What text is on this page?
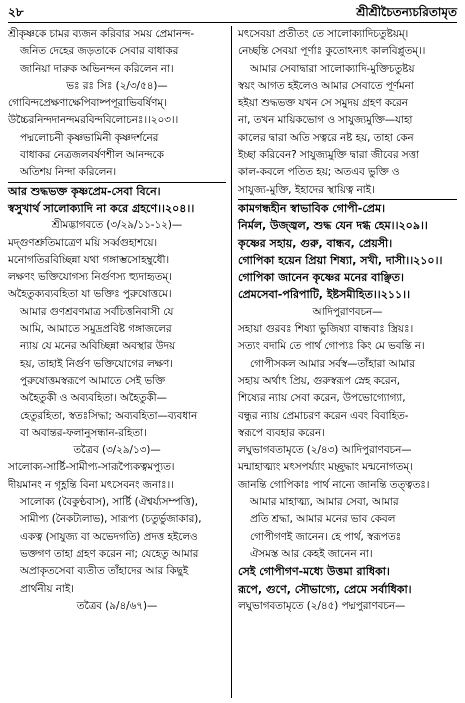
২৮	শ্রীশ্রীচৈতন্যচরিতামৃত

শ্রীকৃষ্ণকে চামর ব্যজন করিবার সময় প্রেমানন্দ-

জনিত দেহের জড়তাকে সেবার বাধাকর

জানিয়া দারুক অভিনন্দন করিলেন না।

ভঃ রঃ সিঃ (২/৩/৫৪)—

গোবিন্দপ্রেক্ষণাক্ষেপিবাষ্পপূরাভিবর্ষিণম্।

উচ্চৈরনিন্দদানন্দমরবিন্দবিলোচনঃ।।২০৩।।

পদ্মলোচনী কৃষ্ণভামিনী কৃষ্ণদর্শনের

বাধাকর নেত্রজলবর্ষণশীল আনন্দকে

অতিশয় নিন্দা করিলেন।

আর শুদ্ধভক্ত কৃষ্ণপ্রেম-সেবা বিনে।

স্বসুখার্থ সালোক্যাদি না করে গ্রহণে।।২০৪।।

শ্রীমদ্ভাগবতে (৩/২৯/১১-১২)—

মদ্গুণশ্রুতিমাত্রেণ ময়ি সর্ব্বগুহাশয়ে।

মনোগতিরবিচ্ছিন্না যথা গঙ্গাম্ভসোহম্বুধৌ।

লক্ষণং ভক্তিযোগস্য নির্গুণস্য হ্যুদাহৃতম্।

অহৈতুক্যব্যবহিতা যা ভক্তিঃ পুরুষোত্তমে।

আমার গুণশ্রবণমাত্র সর্বচিত্তনিবাসী যে

আমি, আমাতে সমুদ্রপ্রবিষ্ট গঙ্গাজলের

ন্যায় যে মনের অবিচ্ছিন্না অবস্থার উদয়

হয়, তাহাই নির্গুণ ভক্তিযোগের লক্ষণ।

পুরুষোত্তমস্বরূপে আমাতে সেই ভক্তি

অহৈতুকী ও অব্যবহিতা। অহৈতুকী—

হেতুরহিতা, স্বতঃসিদ্ধা; অব্যবহিতা—ব্যবধান

বা অবান্তর-ফলানুসন্ধান-রহিতা।

তত্রৈব (৩/২৯/১৩)—

সালোক্য-সার্ষ্টি-সামীপ্য-সারূপ্যৈকত্বমপ্যুত।

দীয়মানং ন গৃহ্ণন্তি বিনা মৎসেবনং জনাঃ।।

সালোক্য (বৈকুণ্ঠবাস), সার্ষ্টি (ঐশ্বর্য্যসম্পত্তি),

সামীপ্য (নৈকট্যলাভ), সারূপ্য (চতুর্ভুজাকার),

একত্ব (সাযুজ্য বা অভেদগতি) প্রদত্ত হইলেও

ভক্তগণ তাহা গ্রহণ করেন না; যেহেতু আমার

অপ্রাকৃতসেবা ব্যতীত তাঁহাদের আর কিছুই

প্রার্থনীয় নাই।

তত্রৈব (৯/৪/৬৭)—

মৎসেবয়া প্রতীতং তে সালোক্যাদিচতুষ্টয়ম্।

নেচ্ছন্তি সেবয়া পূর্ণাঃ কুতোঽন্যৎ কালবিপ্লুতম্।।

আমার সেবাদ্বারা সালোক্যাদি-মুক্তিচতুষ্টয়

স্বয়ং আগত হইলেও আমার সেবাতে পূর্ণমনা

হইয়া শুদ্ধভক্ত যখন সে সমুদয় গ্রহণ করেন

না, তখন মায়িকভোগ ও সাযুজ্যমুক্তি—যাহা

কালের দ্বারা অতি সত্বরে নষ্ট হয়, তাহা কেন

ইচ্ছা করিবেন? সাযুজ্যমুক্তি দ্বারা জীবের সত্তা

কাল-কবলে পতিত হয়; অতএব ভুক্তি ও

সাযুজ্য-মুক্তি, ইহাদের স্থায়িত্ব নাই।

কামগন্ধহীন স্বাভাবিক গোপী-প্রেম।

নির্মল, উজ্জ্বল, শুদ্ধ যেন দগ্ধ হেম।।২০৯।।

কৃষ্ণের সহায়, গুরু, বান্ধব, প্রেয়সী।

গোপিকা হয়েন প্রিয়া শিষ্যা, সখী, দাসী।।২১০।।

গোপিকা জানেন কৃষ্ণের মনের বাঞ্ছিত।

প্রেমসেবা-পরিপাটি, ইষ্টসমীহিত।।২১১।।

আদিপুরাণবচন—

সহায়া গুরবঃ শিষ্যা ভুজিষ্যা বান্ধবাঃ স্ত্রিয়ঃ।

সত্যং বদামি তে পার্থ গোপ্যঃ কিং মে ভবন্তি ন।

গোপীসকল আমার সর্বস্ব—তাঁহারা আমার

সহায় অর্থাৎ প্রিয়, গুরুস্বরূপ স্নেহ করেন,

শিষ্যের ন্যায় সেবা করেন, উপভোগ্যোগ্যা,

বন্ধুর ন্যায় প্রেমাচরণ করেন এবং বিবাহিত-

স্বরূপে ব্যবহার করেন।

লঘুভাগবতামৃতে (২/৪৩) আদিপুরাণবচন—

মন্মাহাত্ম্যং মৎসপর্য্যাং মচ্ছ্রদ্ধাং মন্মনোগতম্।

জানন্তি গোপিকাঃ পার্থ নান্যে জানন্তি তত্ত্বতঃ।

আমার মাহাত্ম্য, আমার সেবা, আমার

প্রতি শ্রদ্ধা, আমার মনের ভাব কেবল

গোপীগণই জানেন। হে পার্থ, স্বরূপতঃ

ঐসমস্ত আর কেহই জানেন না।

সেই গোপীগণ-মধ্যে উত্তমা রাধিকা।

রূপে, গুণে, সৌভাগ্যে, প্রেমে সর্বাধিকা।

লঘুভাগবতামৃতে (২/৪৫) পদ্মপুরাণবচন—
